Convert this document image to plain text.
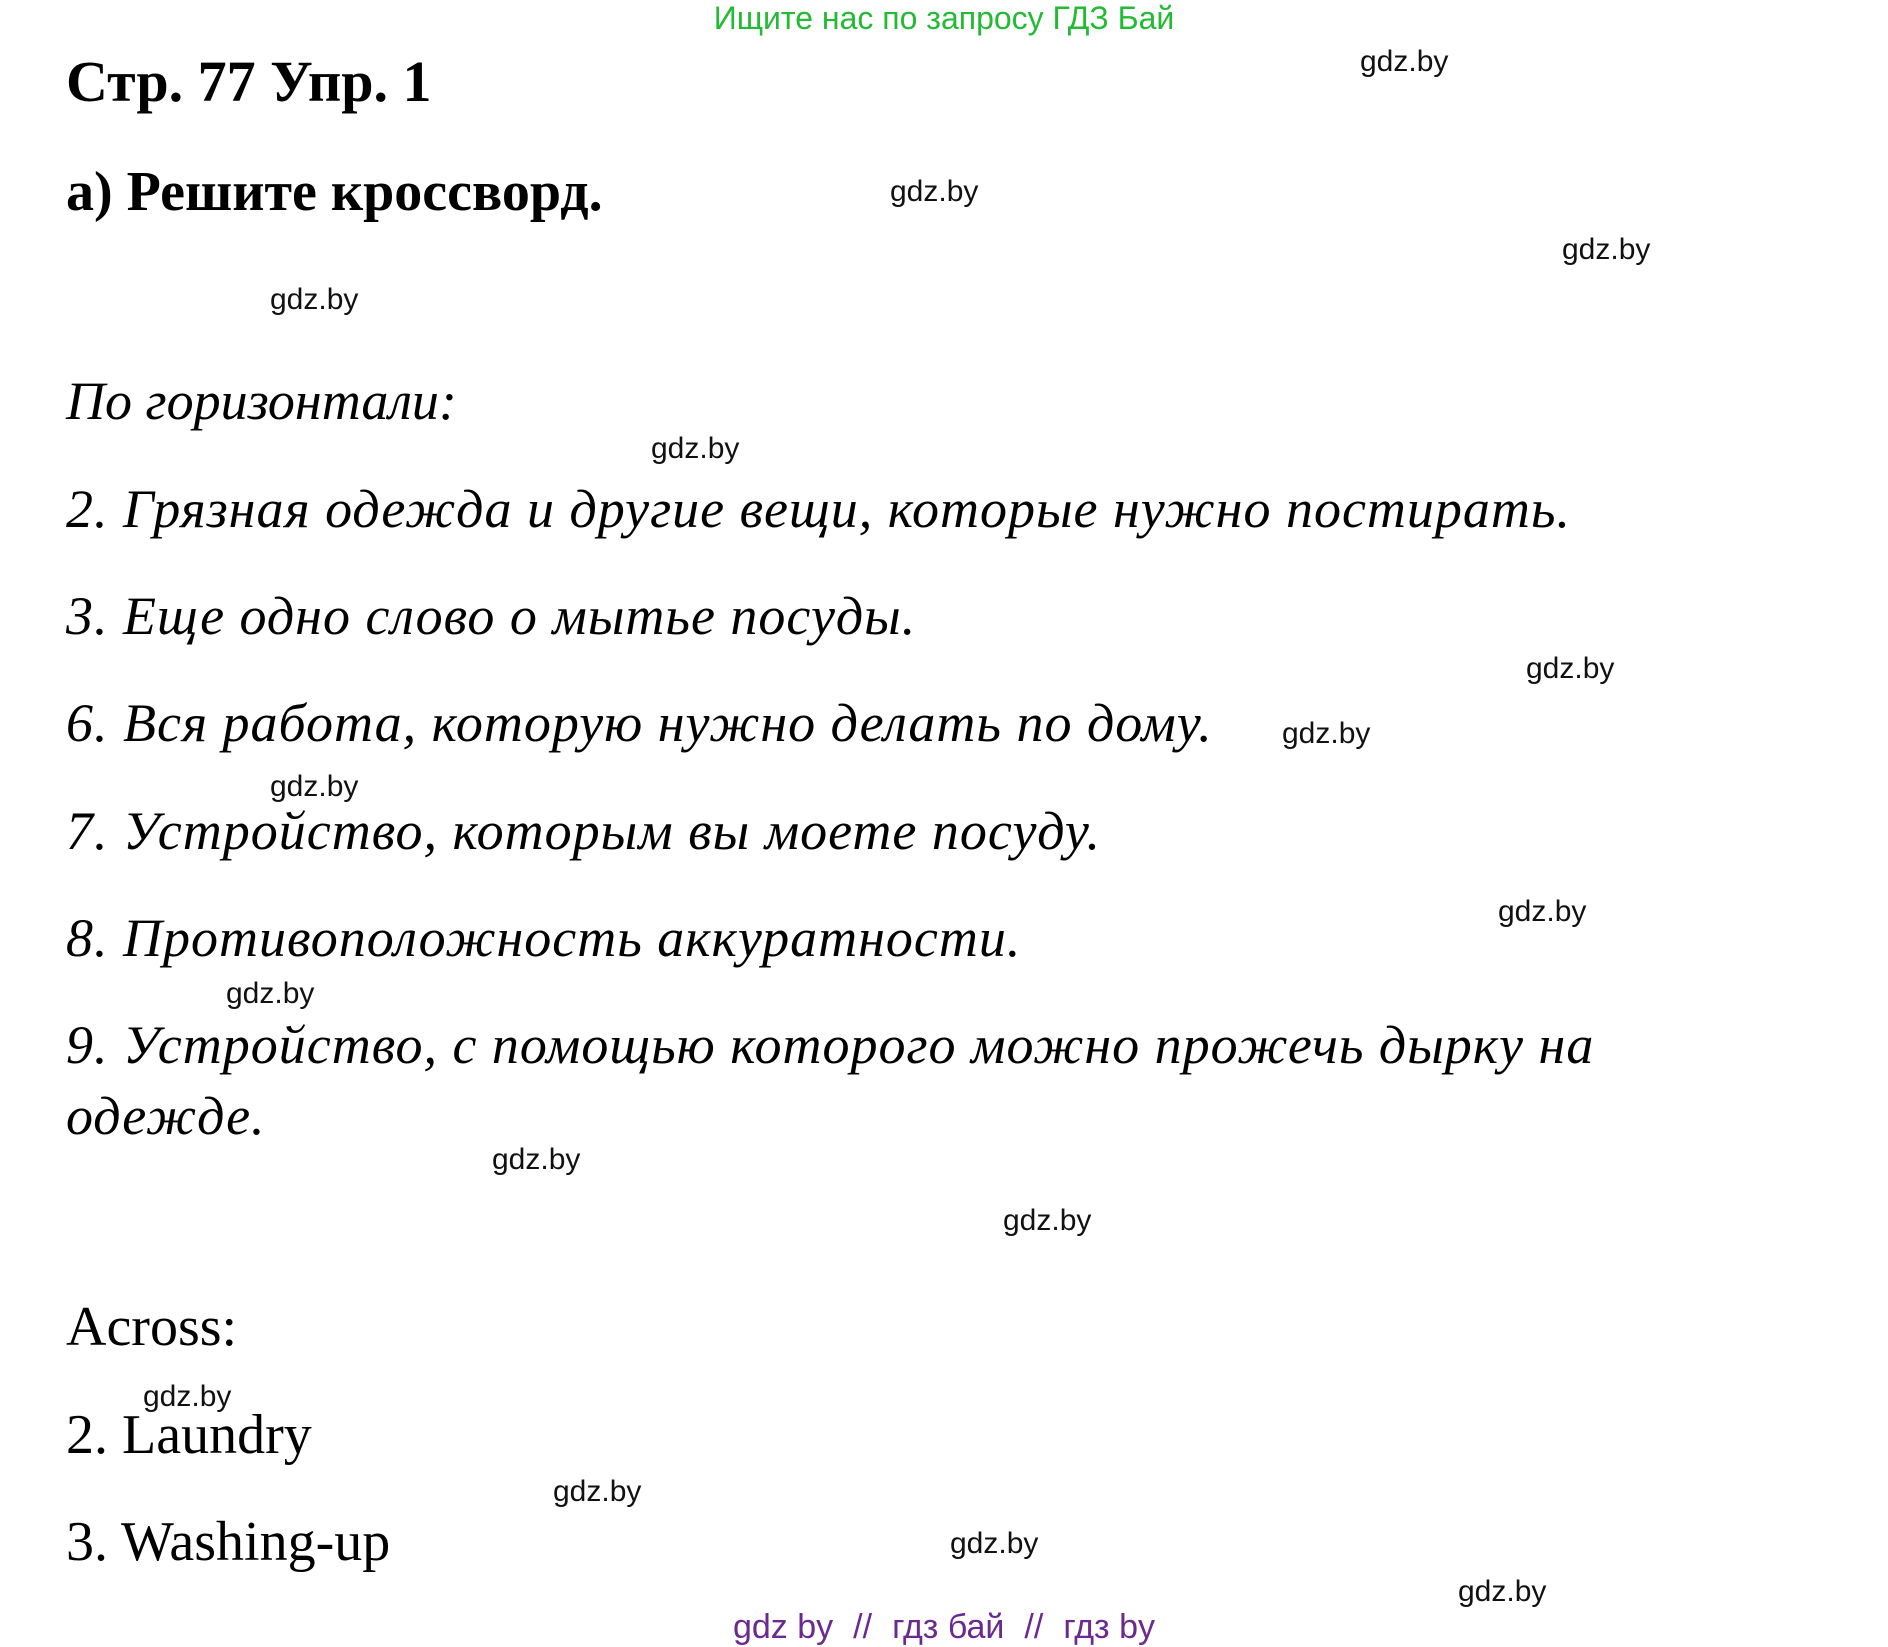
Ищите нас по запросу ГДЗ Бай
Стр. 77 Упр. 1
а) Решите кроссворд.
По горизонтали:
2. Грязная одежда и другие вещи, которые нужно постирать.
3. Еще одно слово о мытье посуды.
6. Вся работа, которую нужно делать по дому.
7. Устройство, которым вы моете посуду.
8. Противоположность аккуратности.
9. Устройство, с помощью которого можно прожечь дырку на
одежде.
Across:
2. Laundry
3. Washing-up
gdz.by
gdz.by
gdz.by
gdz.by
gdz.by
gdz.by
gdz.by
gdz.by
gdz.by
gdz.by
gdz.by
gdz.by
gdz.by
gdz.by
gdz.by
gdz.by
gdz by // гдз бай // гдз by
